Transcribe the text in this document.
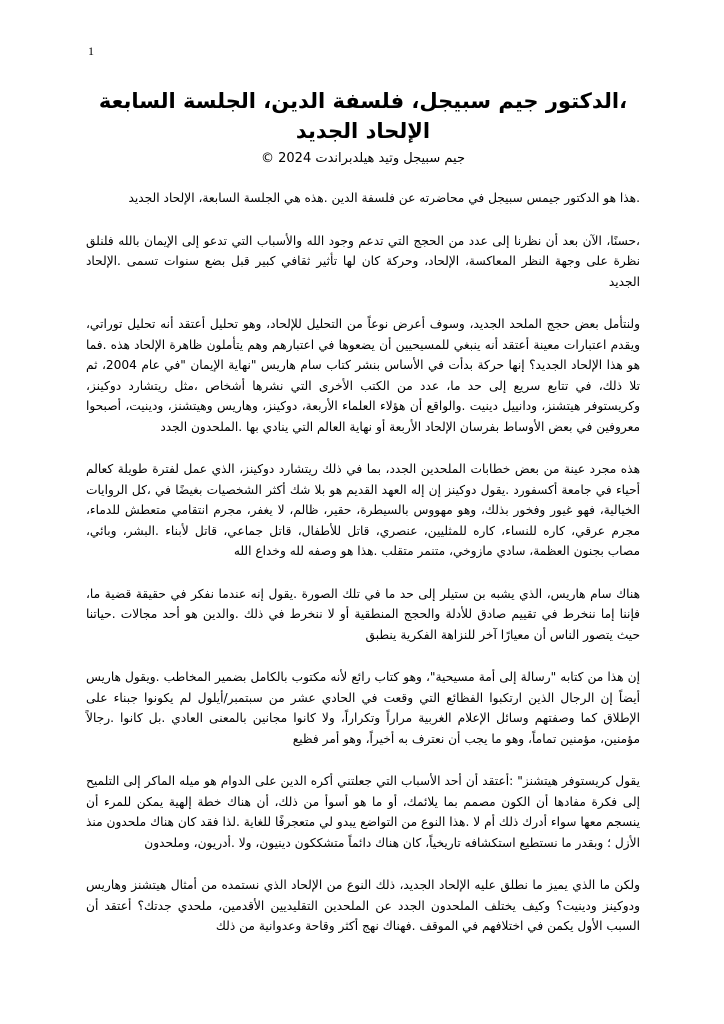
1
،الدكتور جيم سبيجل، فلسفة الدين، الجلسة السابعة
الإلحاد الجديد
جيم سبيجل وتيد هيلدبراندت 2024 ©

.هذا هو الدكتور جيمس سبيجل في محاضرته عن فلسفة الدين .هذه هي الجلسة السابعة، الإلحاد الجديد

،حسنًا، الآن بعد أن نظرنا إلى عدد من الحجج التي تدعم وجود الله والأسباب التي تدعو إلى الإيمان بالله فلنلق نظرة على وجهة النظر المعاكسة، الإلحاد، وحركة كان لها تأثير ثقافي كبير قبل بضع سنوات تسمى .الإلحاد الجديد

ولنتأمل بعض حجج الملحد الجديد، وسوف أعرض نوعاً من التحليل للإلحاد، وهو تحليل أعتقد أنه تحليل توراتي، ويقدم اعتبارات معينة أعتقد أنه ينبغي للمسيحيين أن يضعوها في اعتبارهم وهم يتأملون ظاهرة الإلحاد هذه .فما هو هذا الإلحاد الجديد؟ إنها حركة بدأت في الأساس بنشر كتاب سام هاريس "نهاية الإيمان "في عام 2004، ثم تلا ذلك، في تتابع سريع إلى حد ما، عدد من الكتب الأخرى التي نشرها أشخاص ،مثل ريتشارد دوكينز، وكريستوفر هيتشنز، ودانييل دينيت .والواقع أن هؤلاء العلماء الأربعة، دوكينز، وهاريس وهيتشنز، ودينيت، أصبحوا معروفين في بعض الأوساط بفرسان الإلحاد الأربعة أو نهاية العالم التي ينادي بها .الملحدون الجدد

هذه مجرد عينة من بعض خطابات الملحدين الجدد، بما في ذلك ريتشارد دوكينز، الذي عمل لفترة طويلة كعالم أحياء في جامعة أكسفورد .يقول دوكينز إن إله العهد القديم هو بلا شك أكثر الشخصيات بغيضًا في ،كل الروايات الخيالية، فهو غيور وفخور بذلك، وهو مهووس بالسيطرة، حقير، ظالم، لا يغفر، مجرم انتقامي متعطش للدماء، مجرم عرقي، كاره للنساء، كاره للمثليين، عنصري، قاتل للأطفال، قاتل جماعي، قاتل لأبناء .البشر، وبائي، مصاب بجنون العظمة، سادي مازوخي، متنمر متقلب .هذا هو وصفه لله وخداع الله

هناك سام هاريس، الذي يشبه بن ستيلر إلى حد ما في تلك الصورة .يقول إنه عندما نفكر في حقيقة قضية ما، فإننا إما ننخرط في تقييم صادق للأدلة والحجج المنطقية أو لا ننخرط في ذلك .والدين هو أحد مجالات .حياتنا حيث يتصور الناس أن معيارًا آخر للنزاهة الفكرية ينطبق

إن هذا من كتابه "رسالة إلى أمة مسيحية"، وهو كتاب رائع لأنه مكتوب بالكامل بضمير المخاطب .ويقول هاريس أيضاً إن الرجال الذين ارتكبوا الفظائع التي وقعت في الحادي عشر من سبتمبر/أيلول لم يكونوا جبناء على الإطلاق كما وصفتهم وسائل الإعلام الغربية مراراً وتكراراً، ولا كانوا مجانين بالمعنى العادي .بل كانوا .رجالاً مؤمنين، مؤمنين تماماً، وهو ما يجب أن نعترف به أخيراً، وهو أمر فظيع

يقول كريستوفر هيتشنز" :أعتقد أن أحد الأسباب التي جعلتني أكره الدين على الدوام هو ميله الماكر إلى التلميح إلى فكرة مفادها أن الكون مصمم بما يلائمك، أو ما هو أسوأ من ذلك، أن هناك خطة إلهية يمكن للمرء أن ينسجم معها سواء أدرك ذلك أم لا .هذا النوع من التواضع يبدو لي متعجرفًا للغاية .لذا فقد كان هناك ملحدون منذ الأزل ؛ وبقدر ما نستطيع استكشافه تاريخياً، كان هناك دائماً متشككون دينيون، ولا .أدريون، وملحدون

ولكن ما الذي يميز ما نطلق عليه الإلحاد الجديد، ذلك النوع من الإلحاد الذي نستمده من أمثال هيتشنز وهاريس ودوكينز ودينيت؟ وكيف يختلف الملحدون الجدد عن الملحدين التقليديين الأقدمين، ملحدي جدتك؟ أعتقد أن السبب الأول يكمن في اختلافهم في الموقف .فهناك نهج أكثر وقاحة وعدوانية من ذلك
